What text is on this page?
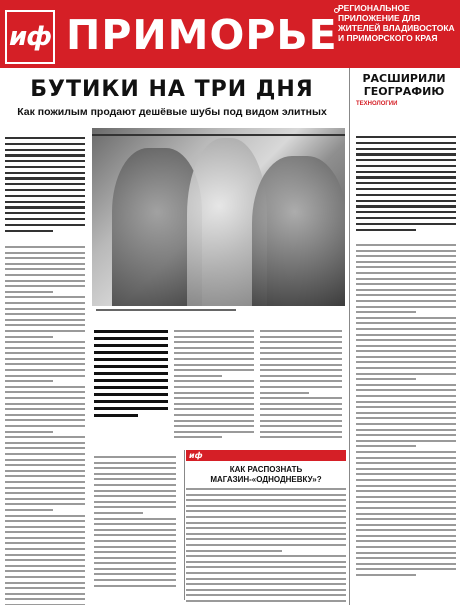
иф ПРИМОРЬЕ
РЕГИОНАЛЬНОЕ ПРИЛОЖЕНИЕ ДЛЯ ЖИТЕЛЕЙ ВЛАДИВОСТОКА И ПРИМОРСКОГО КРАЯ
БУТИКИ НА ТРИ ДНЯ
Как пожилым продают дешёвые шубы под видом элитных
РАСШИРИЛИ ГЕОГРАФИЮ
ТЕХНОЛОГИИ
иф
КАК РАСПОЗНАТЬ МАГАЗИН-«ОДНОДНЕВКУ»?
